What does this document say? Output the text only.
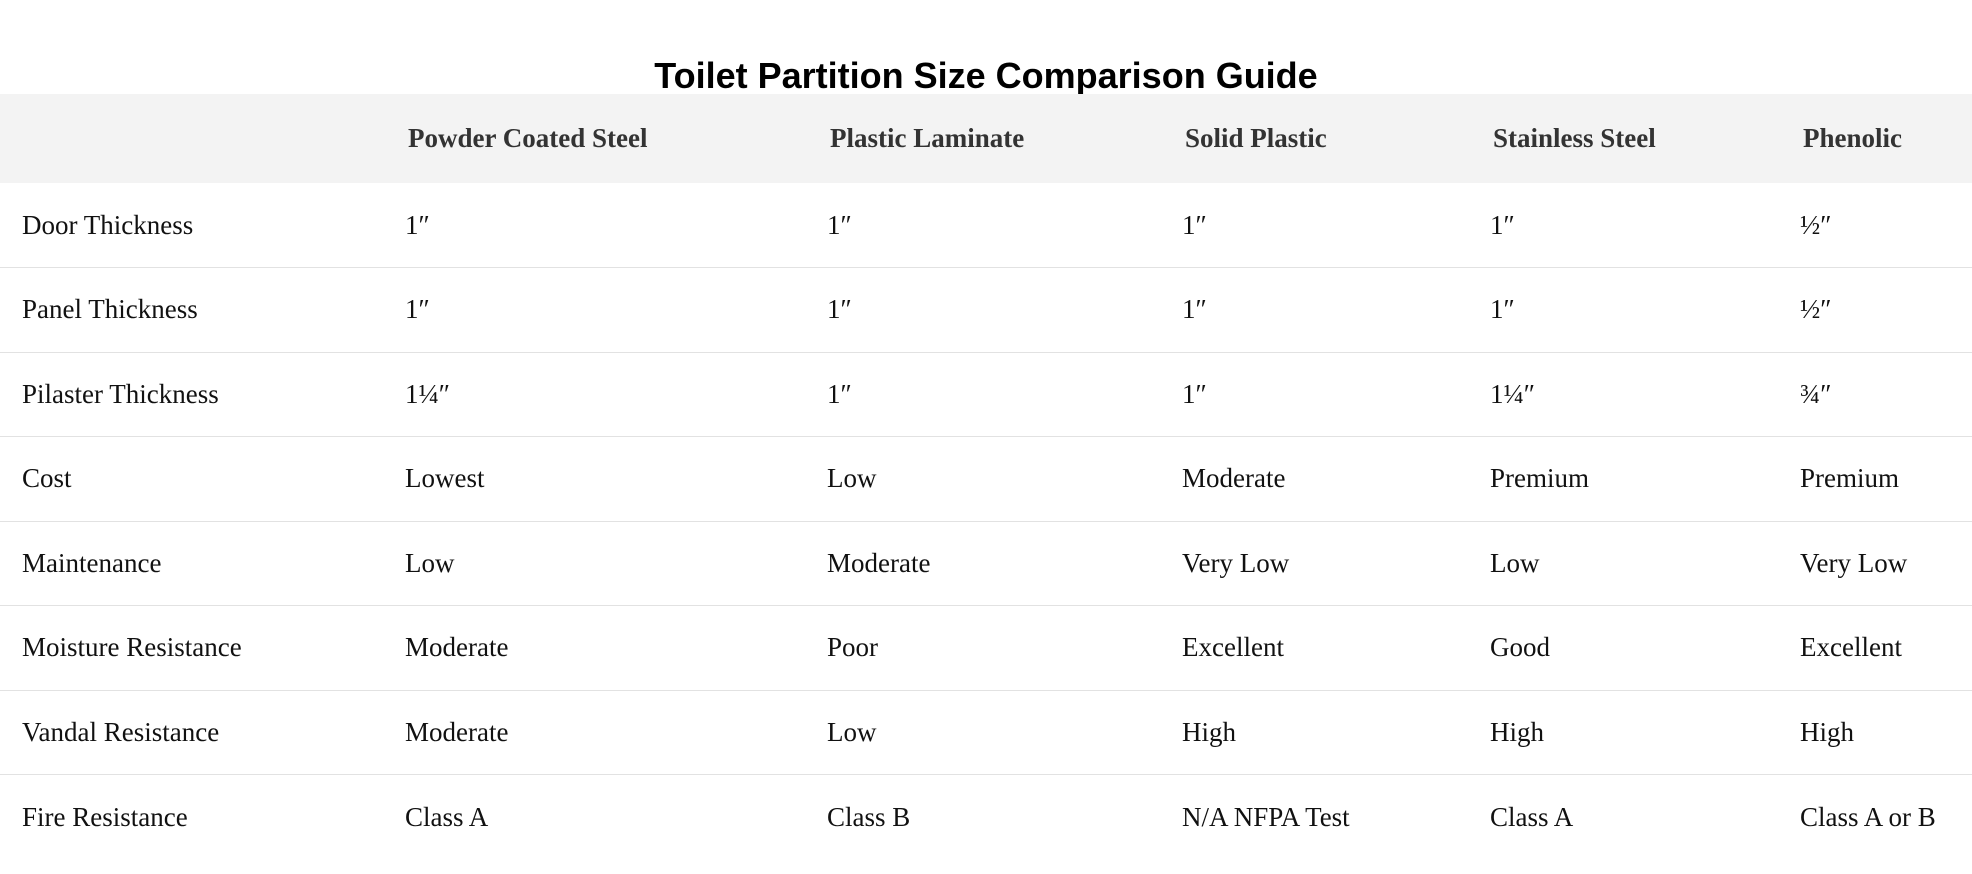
Toilet Partition Size Comparison Guide
	Powder Coated Steel	Plastic Laminate	Solid Plastic	Stainless Steel	Phenolic
Door Thickness	1″	1″	1″	1″	½″
Panel Thickness	1″	1″	1″	1″	½″
Pilaster Thickness	1¼″	1″	1″	1¼″	¾″
Cost	Lowest	Low	Moderate	Premium	Premium
Maintenance	Low	Moderate	Very Low	Low	Very Low
Moisture Resistance	Moderate	Poor	Excellent	Good	Excellent
Vandal Resistance	Moderate	Low	High	High	High
Fire Resistance	Class A	Class B	N/A NFPA Test	Class A	Class A or B
